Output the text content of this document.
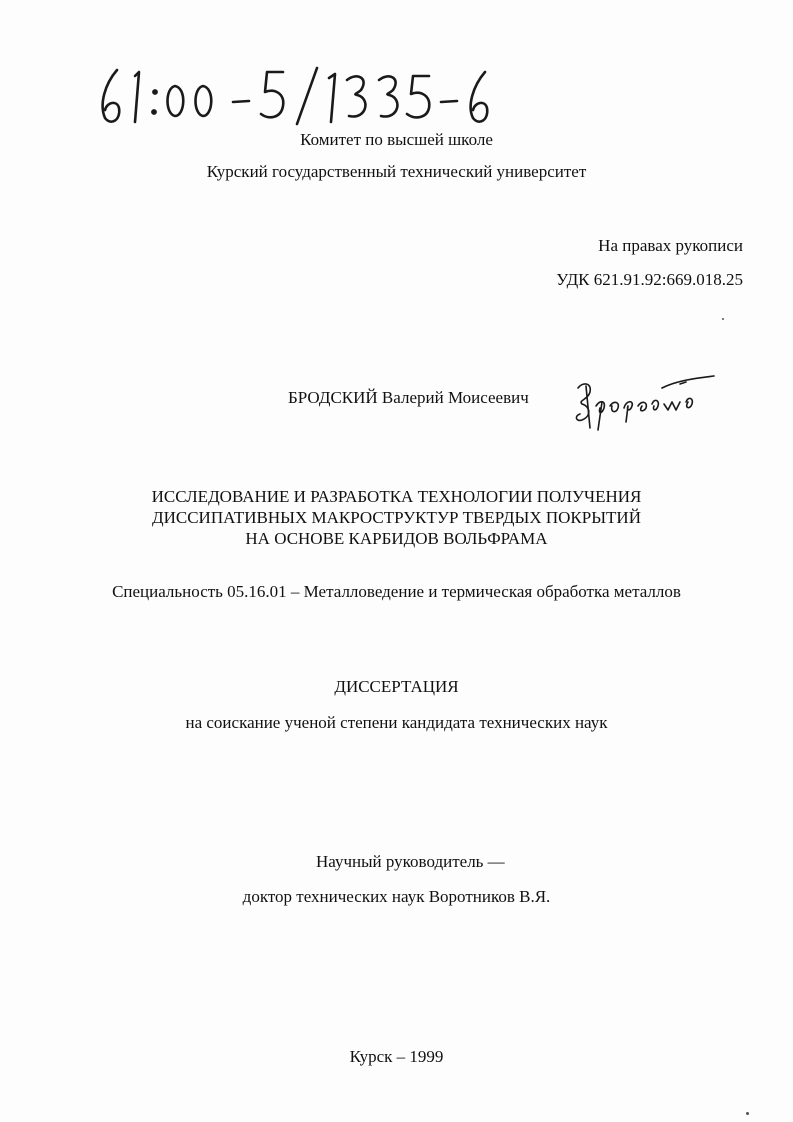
Комитет по высшей школе
Курский государственный технический университет
На правах рукописи
УДК 621.91.92:669.018.25
БРОДСКИЙ Валерий Моисеевич
ИССЛЕДОВАНИЕ И РАЗРАБОТКА ТЕХНОЛОГИИ ПОЛУЧЕНИЯ
ДИССИПАТИВНЫХ МАКРОСТРУКТУР ТВЕРДЫХ ПОКРЫТИЙ
НА ОСНОВЕ КАРБИДОВ ВОЛЬФРАМА
Специальность 05.16.01 – Металловедение и термическая обработка металлов
ДИССЕРТАЦИЯ
на соискание ученой степени кандидата технических наук
Научный руководитель —
доктор технических наук Воротников В.Я.
Курск – 1999
